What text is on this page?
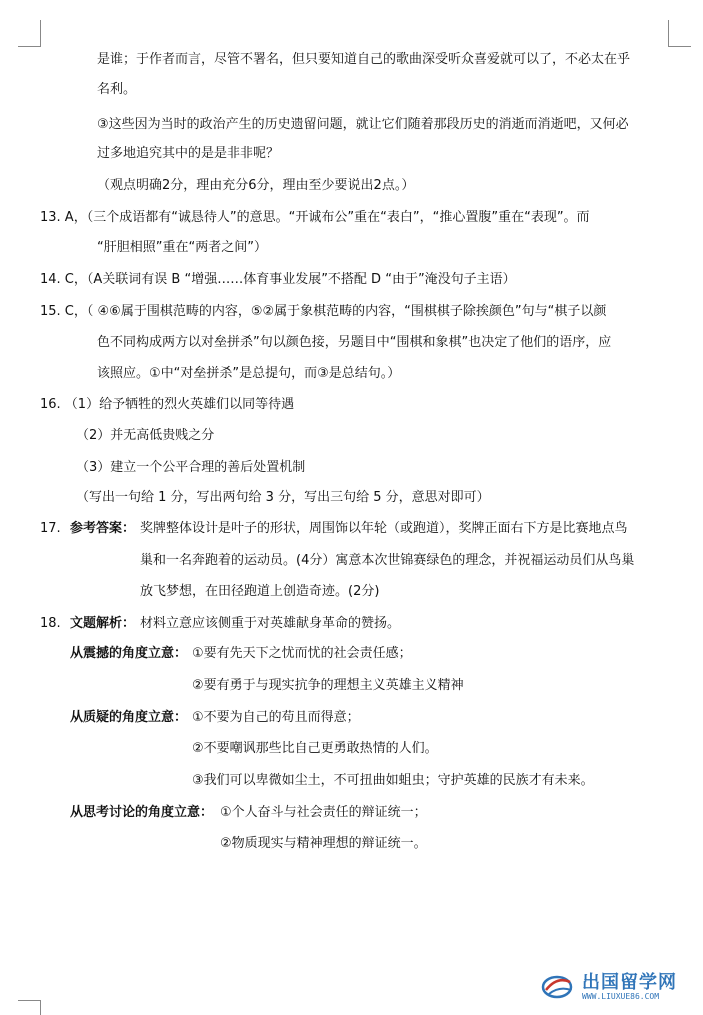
是谁；于作者而言，尽管不署名，但只要知道自己的歌曲深受听众喜爱就可以了，不必太在乎
名利。
③这些因为当时的政治产生的历史遗留问题，就让它们随着那段历史的消逝而消逝吧，又何必
过多地追究其中的是是非非呢？
（观点明确2分，理由充分6分，理由至少要说出2点。）
13. A，（三个成语都有“诚恳待人”的意思。“开诚布公”重在“表白”，“推心置腹”重在“表现”。而
“肝胆相照”重在“两者之间”）
14. C，（A关联词有误 B “增强……体育事业发展”不搭配 D “由于”淹没句子主语）
15. C，（ ④⑥属于围棋范畴的内容，⑤②属于象棋范畴的内容，“围棋棋子除挨颜色”句与“棋子以颜
色不同构成两方以对垒拼杀”句以颜色接，另题目中“围棋和象棋”也决定了他们的语序，应
该照应。①中“对垒拼杀”是总提句，而③是总结句。）
16. （1）给予牺牲的烈火英雄们以同等待遇
（2）并无高低贵贱之分
（3）建立一个公平合理的善后处置机制
（写出一句给 1 分，写出两句给 3 分，写出三句给 5 分，意思对即可）
17. 参考答案： 奖牌整体设计是叶子的形状，周围饰以年轮（或跑道），奖牌正面右下方是比赛地点鸟
巢和一名奔跑着的运动员。(4分）寓意本次世锦赛绿色的理念，并祝福运动员们从鸟巢
放飞梦想，在田径跑道上创造奇迹。(2分)
18. 文题解析： 材料立意应该侧重于对英雄献身革命的赞扬。
从震撼的角度立意： ①要有先天下之忧而忧的社会责任感；
②要有勇于与现实抗争的理想主义英雄主义精神
从质疑的角度立意： ①不要为自己的苟且而得意；
②不要嘲讽那些比自己更勇敢热情的人们。
③我们可以卑微如尘土，不可扭曲如蛆虫；守护英雄的民族才有未来。
从思考讨论的角度立意： ①个人奋斗与社会责任的辩证统一；
②物质现实与精神理想的辩证统一。
出国留学网
WWW.LIUXUE86.COM
